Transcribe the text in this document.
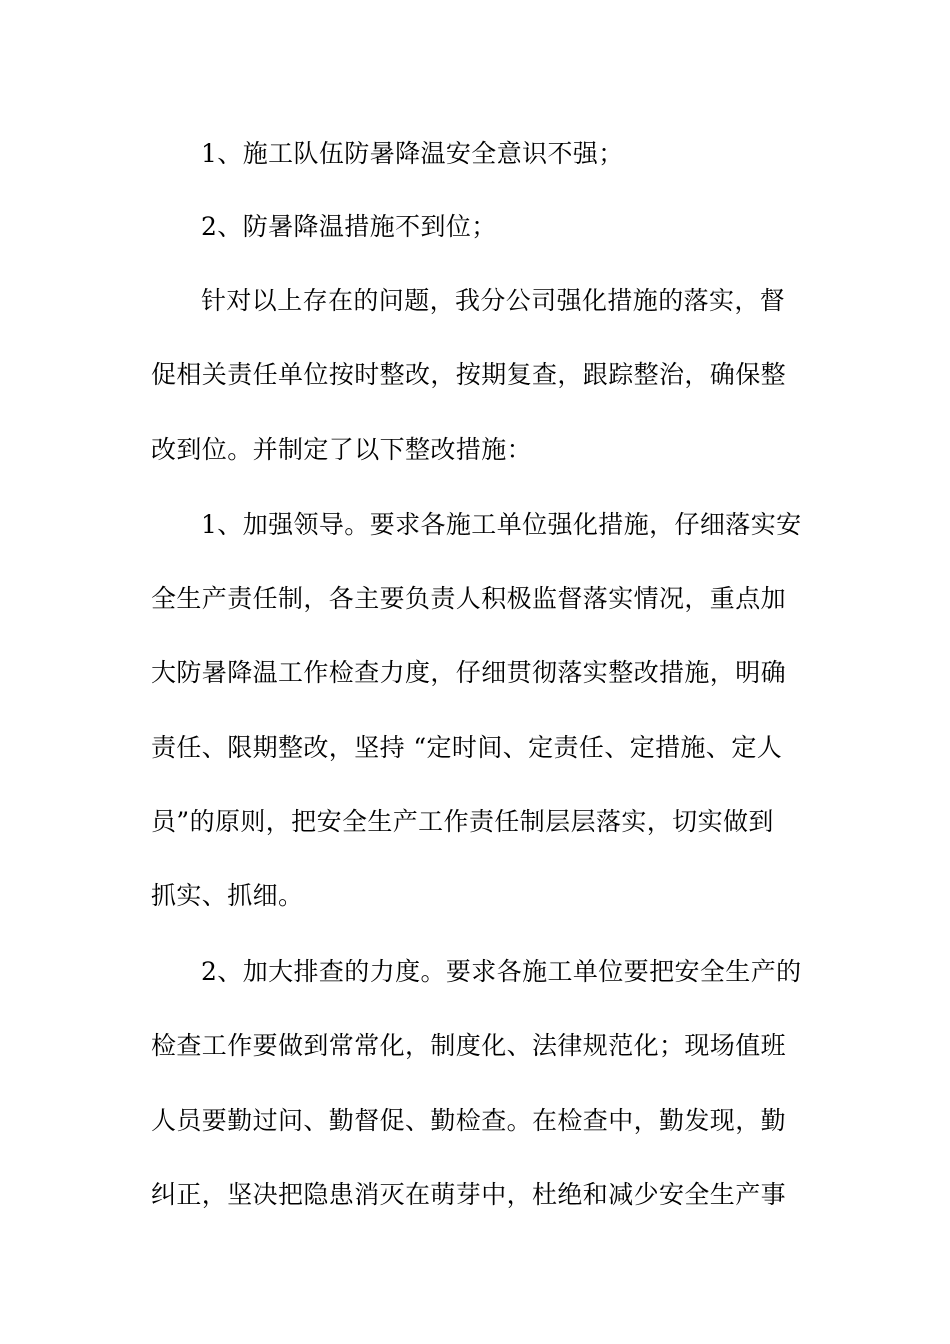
1、施工队伍防暑降温安全意识不强；
2、防暑降温措施不到位；
针对以上存在的问题，我分公司强化措施的落实，督
促相关责任单位按时整改，按期复查，跟踪整治，确保整
改到位。并制定了以下整改措施：
1、加强领导。要求各施工单位强化措施，仔细落实安
全生产责任制，各主要负责人积极监督落实情况，重点加
大防暑降温工作检查力度，仔细贯彻落实整改措施，明确
责任、限期整改，坚持 “定时间、定责任、定措施、定人
员”的原则，把安全生产工作责任制层层落实，切实做到
抓实、抓细。
2、加大排查的力度。要求各施工单位要把安全生产的
检查工作要做到常常化，制度化、法律规范化；现场值班
人员要勤过问、勤督促、勤检查。在检查中，勤发现，勤
纠正，坚决把隐患消灭在萌芽中，杜绝和减少安全生产事
